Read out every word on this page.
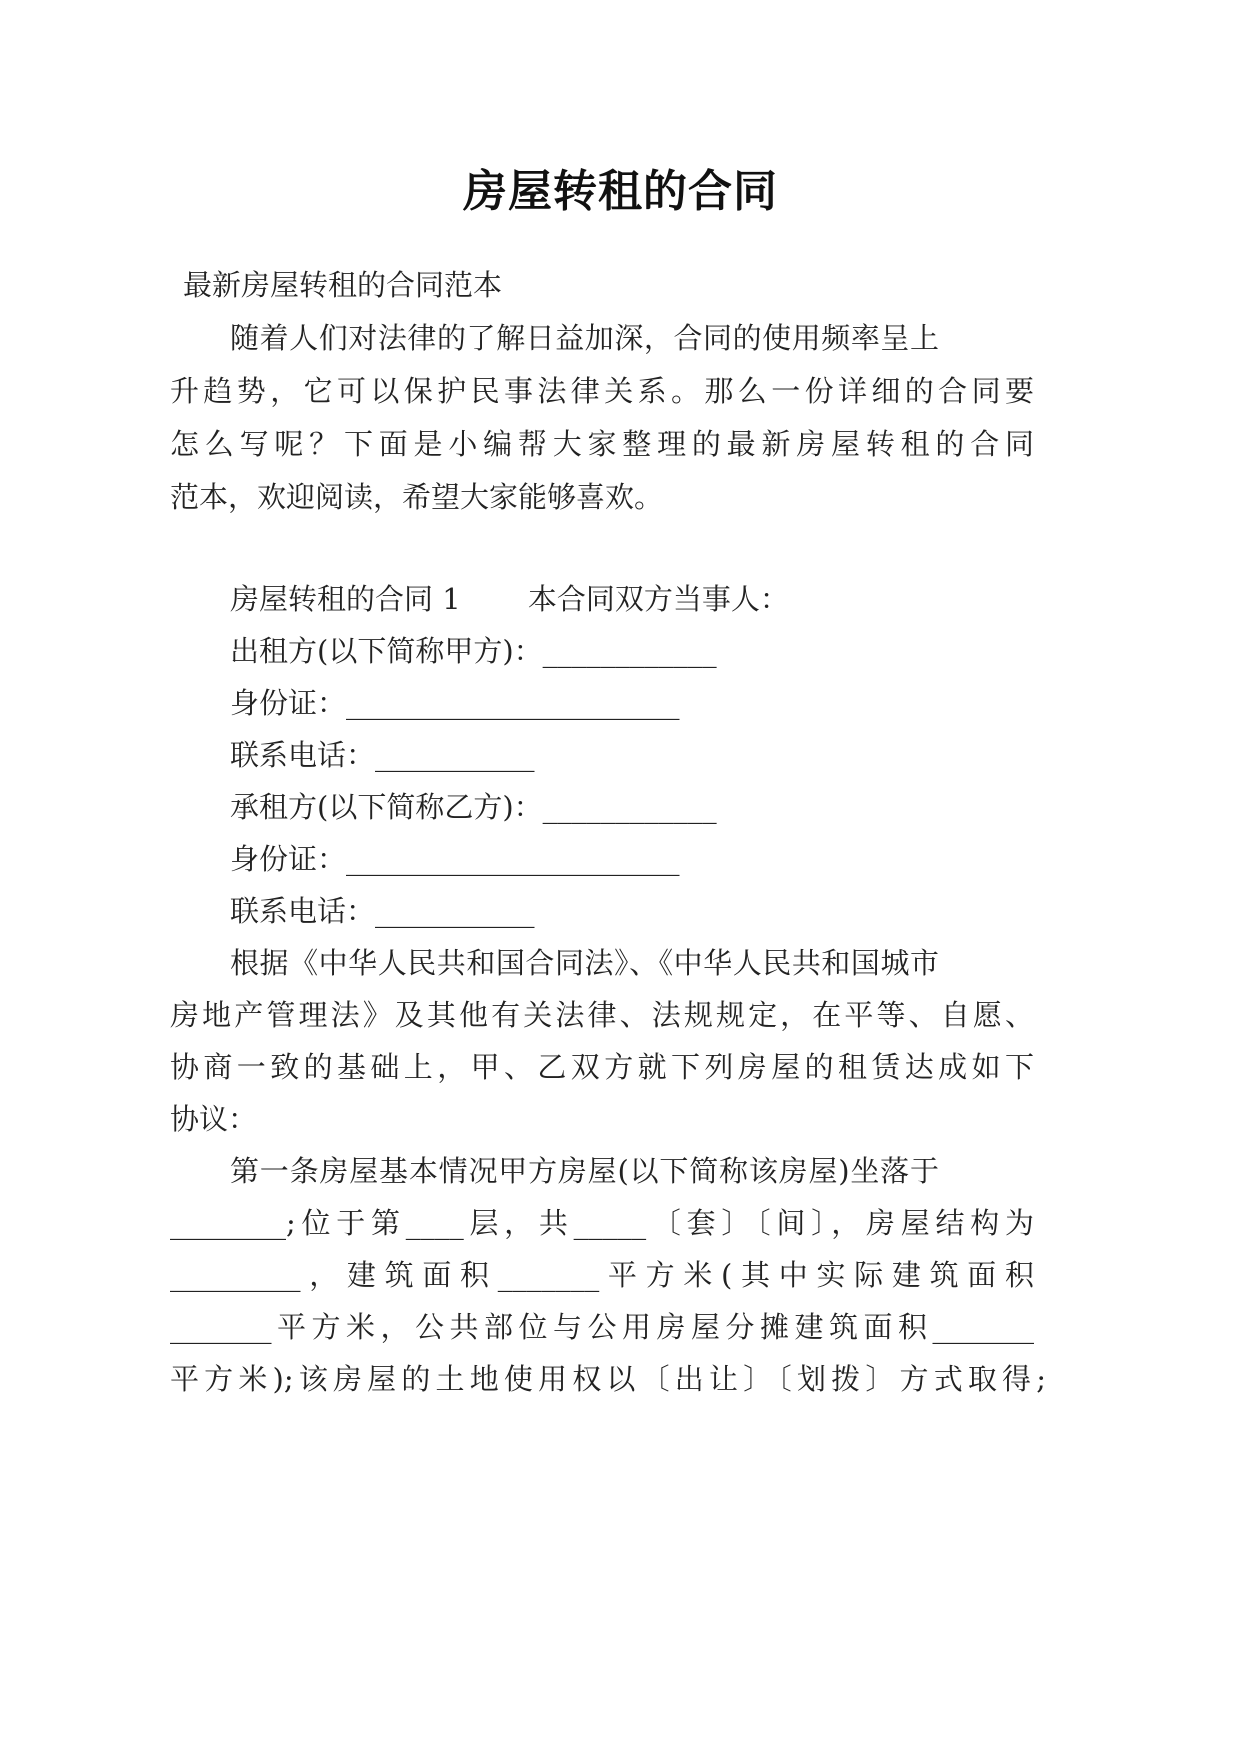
房屋转租的合同
最新房屋转租的合同范本
随着人们对法律的了解日益加深，合同的使用频率呈上
升趋势，它可以保护民事法律关系。那么一份详细的合同要
怎么写呢？下面是小编帮大家整理的最新房屋转租的合同
范本，欢迎阅读，希望大家能够喜欢。
房屋转租的合同 1　　 本合同双方当事人：
出租方(以下简称甲方)：____________
身份证：_______________________
联系电话：___________
承租方(以下简称乙方)：____________
身份证：_______________________
联系电话：___________
根据《中华人民共和国合同法》、《中华人民共和国城市
房地产管理法》及其他有关法律、法规规定，在平等、自愿、
协商一致的基础上，甲、乙双方就下列房屋的租赁达成如下
协议：
第一条房屋基本情况甲方房屋(以下简称该房屋)坐落于
________;位于第____层，共_____〔套〕〔间〕，房屋结构为
_________，建筑面积_______平方米(其中实际建筑面积
_______平方米，公共部位与公用房屋分摊建筑面积_______
平方米);该房屋的土地使用权以〔出让〕〔划拨〕方式取得;
